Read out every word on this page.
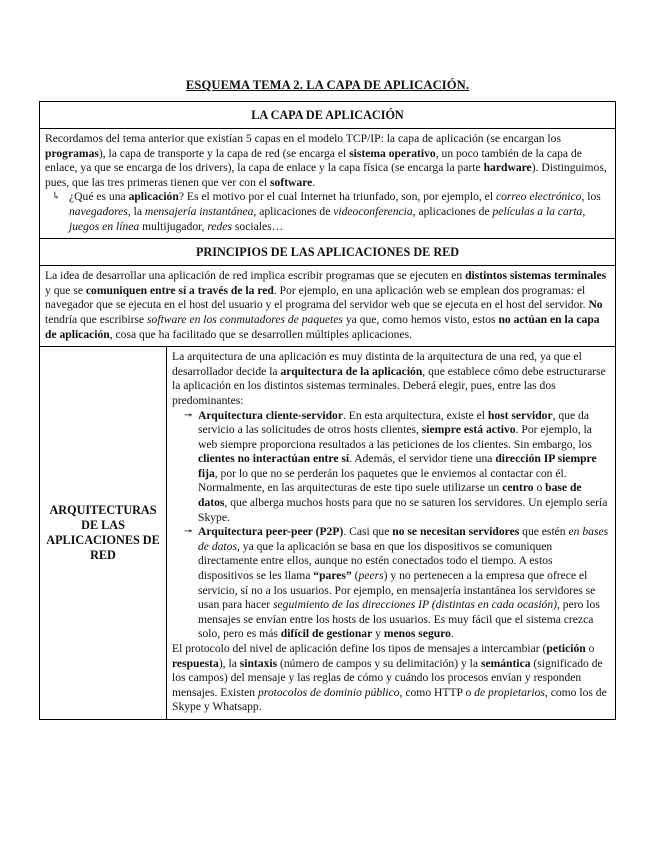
ESQUEMA TEMA 2. LA CAPA DE APLICACIÓN.
LA CAPA DE APLICACIÓN

Recordamos del tema anterior que existían 5 capas en el modelo TCP/IP: la capa de aplicación (se encargan los programas), la capa de transporte y la capa de red (se encarga el sistema operativo, un poco también de la capa de enlace, ya que se encarga de los drivers), la capa de enlace y la capa física (se encarga la parte hardware). Distinguimos, pues, que las tres primeras tienen que ver con el software.

↳ ¿Qué es una aplicación? Es el motivo por el cual Internet ha triunfado, son, por ejemplo, el correo electrónico, los navegadores, la mensajería instantánea, aplicaciones de videoconferencia, aplicaciones de películas a la carta, juegos en línea multijugador, redes sociales…

PRINCIPIOS DE LAS APLICACIONES DE RED

La idea de desarrollar una aplicación de red implica escribir programas que se ejecuten en distintos sistemas terminales y que se comuniquen entre sí a través de la red. Por ejemplo, en una aplicación web se emplean dos programas: el navegador que se ejecuta en el host del usuario y el programa del servidor web que se ejecuta en el host del servidor. No tendría que escribirse software en los conmutadores de paquetes ya que, como hemos visto, estos no actúan en la capa de aplicación, cosa que ha facilitado que se desarrollen múltiples aplicaciones.

ARQUITECTURAS DE LAS APLICACIONES DE RED	

La arquitectura de una aplicación es muy distinta de la arquitectura de una red, ya que el desarrollador decide la arquitectura de la aplicación, que establece cómo debe estructurarse la aplicación en los distintos sistemas terminales. Deberá elegir, pues, entre las dos predominantes:

↠ Arquitectura cliente-servidor. En esta arquitectura, existe el host servidor, que da servicio a las solicitudes de otros hosts clientes, siempre está activo. Por ejemplo, la web siempre proporciona resultados a las peticiones de los clientes. Sin embargo, los clientes no interactúan entre sí. Además, el servidor tiene una dirección IP siempre fija, por lo que no se perderán los paquetes que le enviemos al contactar con él. Normalmente, en las arquitecturas de este tipo suele utilizarse un centro o base de datos, que alberga muchos hosts para que no se saturen los servidores. Un ejemplo sería Skype.

↠ Arquitectura peer-peer (P2P). Casi que no se necesitan servidores que estén en bases de datos, ya que la aplicación se basa en que los dispositivos se comuniquen directamente entre ellos, aunque no estén conectados todo el tiempo. A estos dispositivos se les llama “pares” (peers) y no pertenecen a la empresa que ofrece el servicio, sí no a los usuarios. Por ejemplo, en mensajería instantánea los servidores se usan para hacer seguimiento de las direcciones IP (distintas en cada ocasión), pero los mensajes se envían entre los hosts de los usuarios. Es muy fácil que el sistema crezca solo, pero es más difícil de gestionar y menos seguro.

El protocolo del nivel de aplicación define los tipos de mensajes a intercambiar (petición o respuesta), la sintaxis (número de campos y su delimitación) y la semántica (significado de los campos) del mensaje y las reglas de cómo y cuándo los procesos envían y responden mensajes. Existen protocolos de dominio público, como HTTP o de propietarios, como los de Skype y Whatsapp.
